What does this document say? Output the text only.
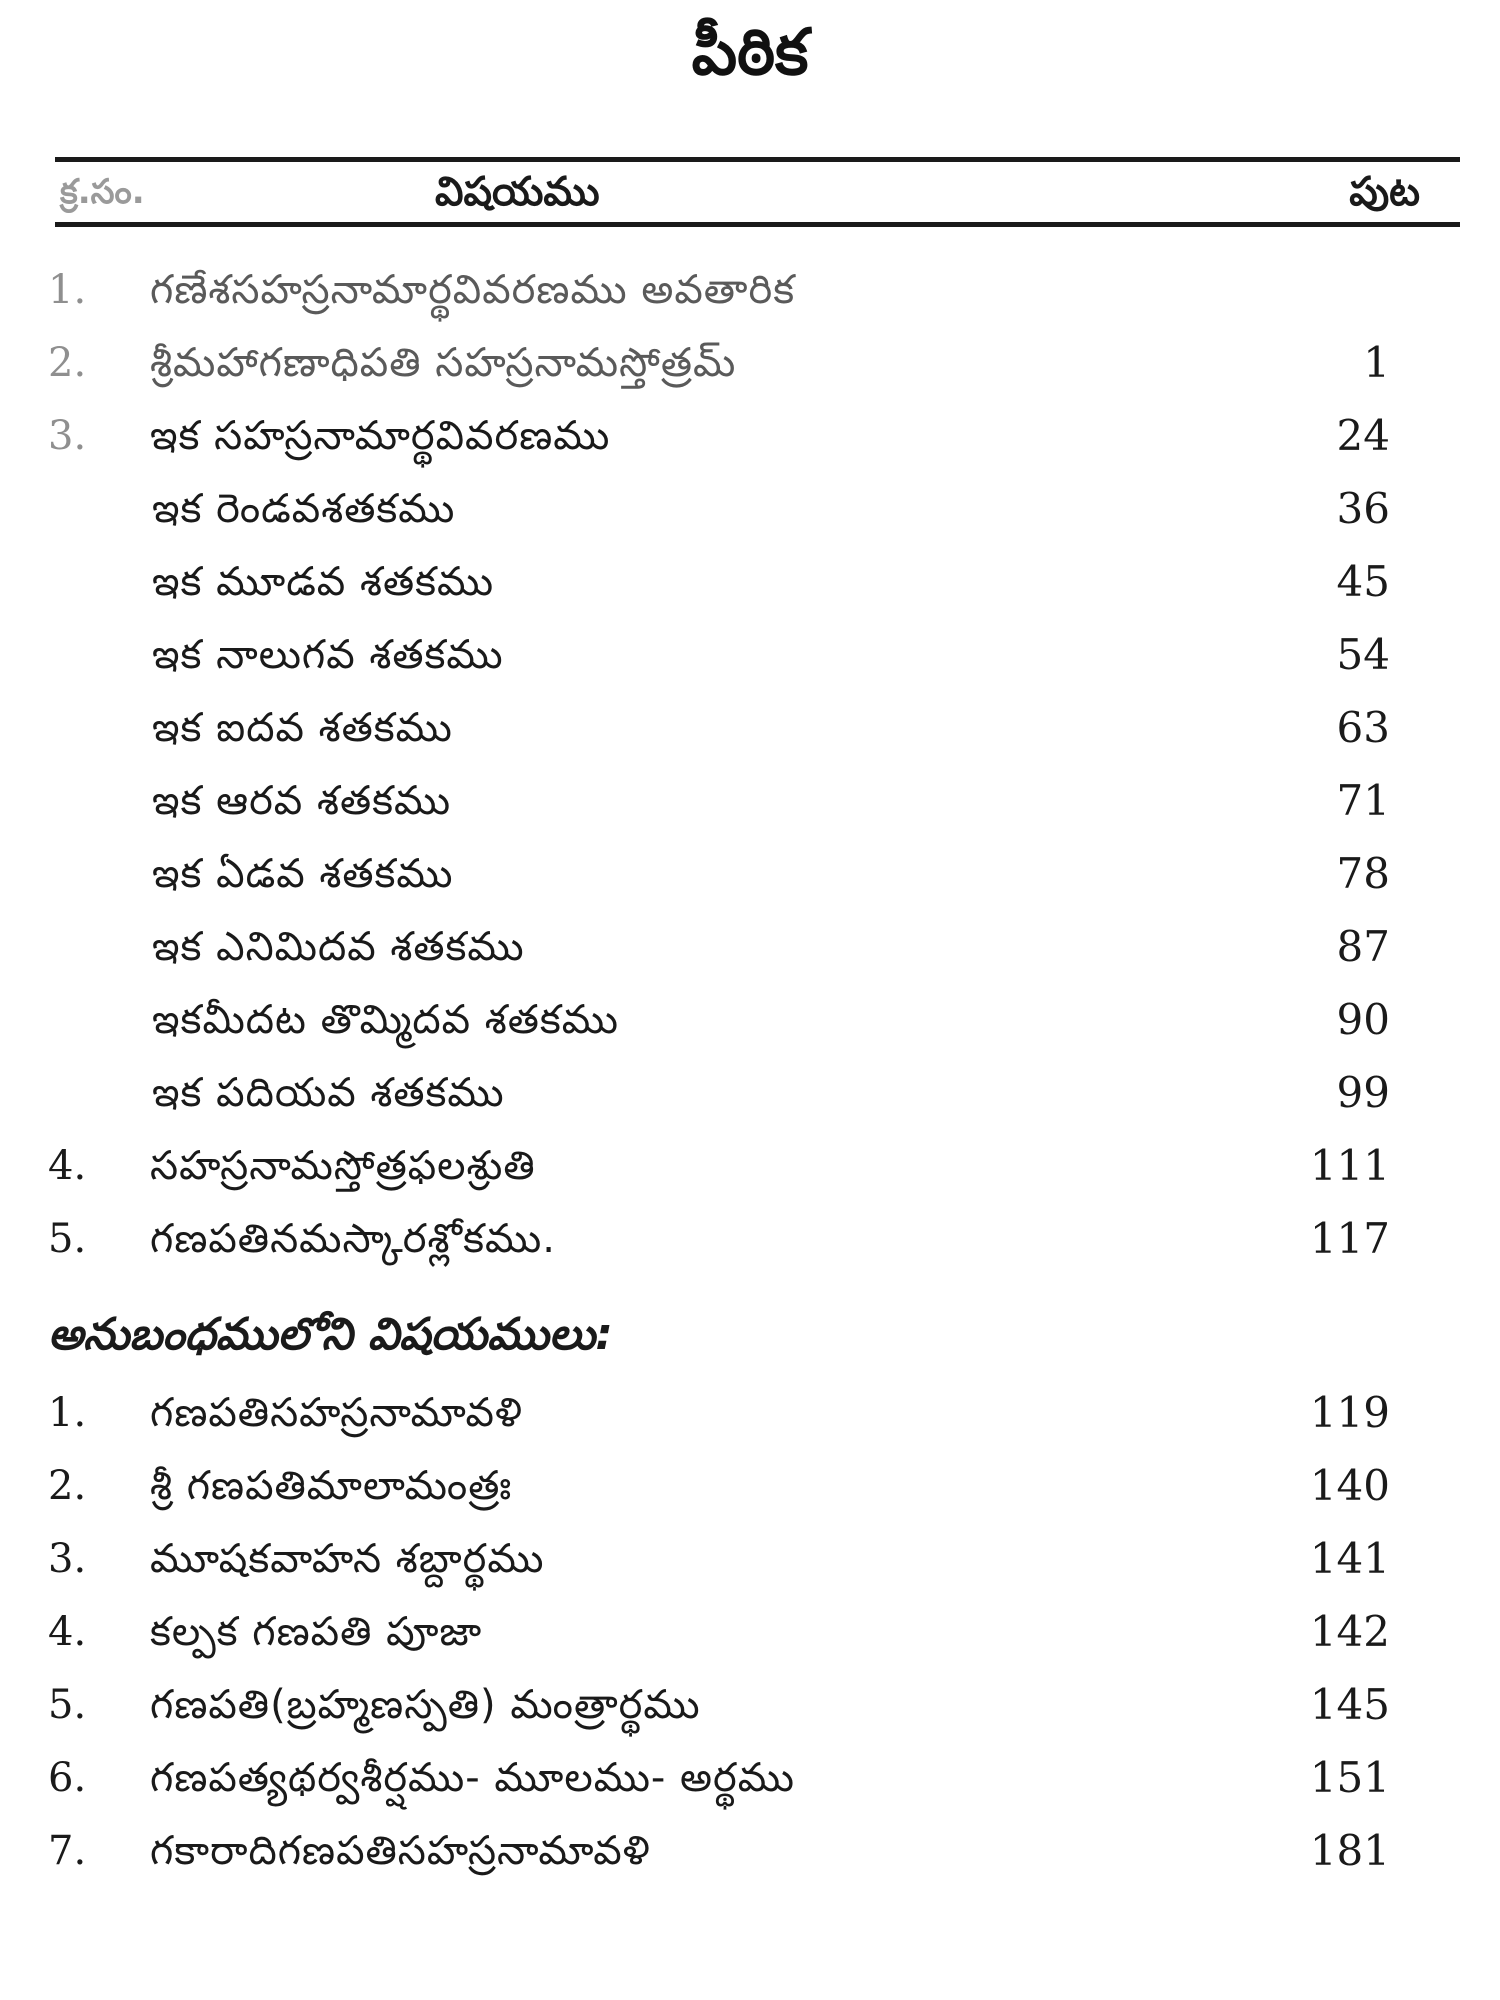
పీఠిక
క్ర.సం.	విషయము	పుట
1.	గణేశసహస్రనామార్థవివరణము అవతారిక
2.	శ్రీమహాగణాధిపతి సహస్రనామస్తోత్రమ్	1
3.	ఇక సహస్రనామార్థవివరణము	24
ఇక రెండవశతకము	36
ఇక మూడవ శతకము	45
ఇక నాలుగవ శతకము	54
ఇక ఐదవ శతకము	63
ఇక ఆరవ శతకము	71
ఇక ఏడవ శతకము	78
ఇక ఎనిమిదవ శతకము	87
ఇకమీదట తొమ్మిదవ శతకము	90
ఇక పదియవ శతకము	99
4.	సహస్రనామస్తోత్రఫలశ్రుతి	111
5.	గణపతినమస్కారశ్లోకము.	117
అనుబంధములోని విషయములు:
1.	గణపతిసహస్రనామావళి	119
2.	శ్రీ గణపతిమాలామంత్రః	140
3.	మూషకవాహన శబ్దార్థము	141
4.	కల్పక గణపతి పూజా	142
5.	గణపతి(బ్రహ్మణస్పతి) మంత్రార్థము	145
6.	గణపత్యథర్వశీర్షము- మూలము- అర్థము	151
7.	గకారాదిగణపతిసహస్రనామావళి	181
